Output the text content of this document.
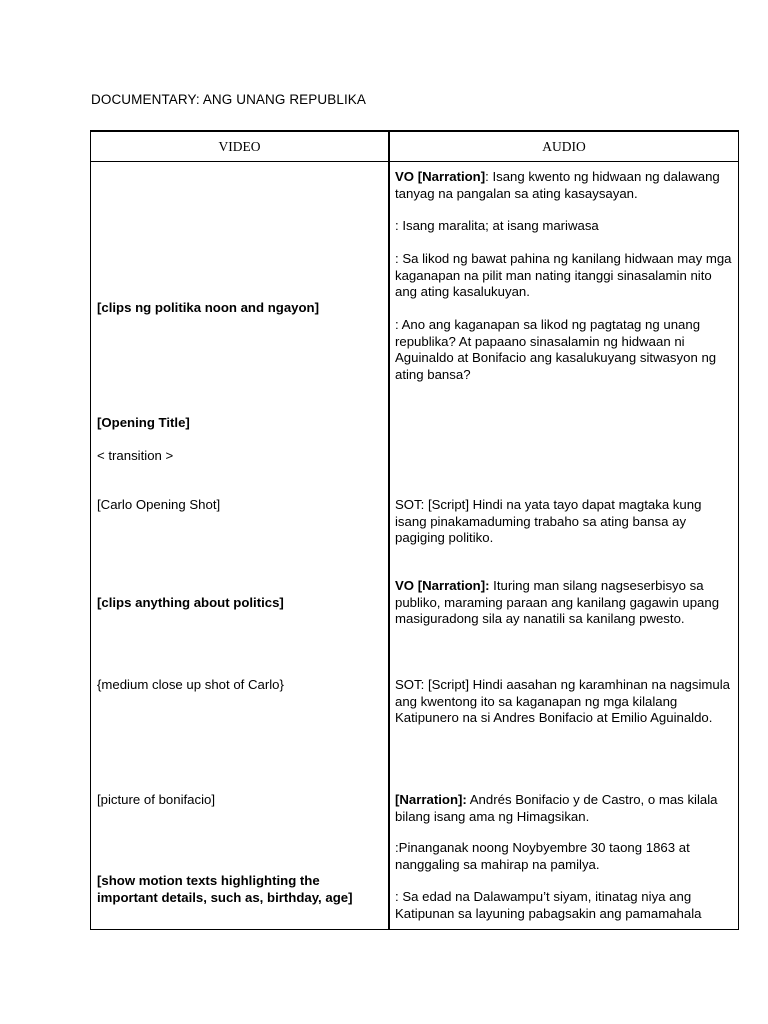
DOCUMENTARY: ANG UNANG REPUBLIKA
VIDEO	AUDIO
[clips ng politika noon and ngayon]
[Opening Title]
< transition >
[Carlo Opening Shot]
[clips anything about politics]
{medium close up shot of Carlo}
[picture of bonifacio]
[show motion texts highlighting the important details, such as, birthday, age]
VO [Narration]: Isang kwento ng hidwaan ng dalawang tanyag na pangalan sa ating kasaysayan.
: Isang maralita; at isang mariwasa
: Sa likod ng bawat pahina ng kanilang hidwaan may mga kaganapan na pilit man nating itanggi sinasalamin nito ang ating kasalukuyan.
: Ano ang kaganapan sa likod ng pagtatag ng unang republika? At papaano sinasalamin ng hidwaan ni Aguinaldo at Bonifacio ang kasalukuyang sitwasyon ng ating bansa?
SOT: [Script] Hindi na yata tayo dapat magtaka kung isang pinakamaduming trabaho sa ating bansa ay pagiging politiko.
VO [Narration]: Ituring man silang nagseserbisyo sa publiko, maraming paraan ang kanilang gagawin upang masiguradong sila ay nanatili sa kanilang pwesto.
SOT: [Script] Hindi aasahan ng karamhinan na nagsimula ang kwentong ito sa kaganapan ng mga kilalang Katipunero na si Andres Bonifacio at Emilio Aguinaldo.
[Narration]: Andrés Bonifacio y de Castro, o mas kilala bilang isang ama ng Himagsikan.
:Pinanganak noong Noybyembre 30 taong 1863 at nanggaling sa mahirap na pamilya.
: Sa edad na Dalawampu’t siyam, itinatag niya ang Katipunan sa layuning pabagsakin ang pamamahala
